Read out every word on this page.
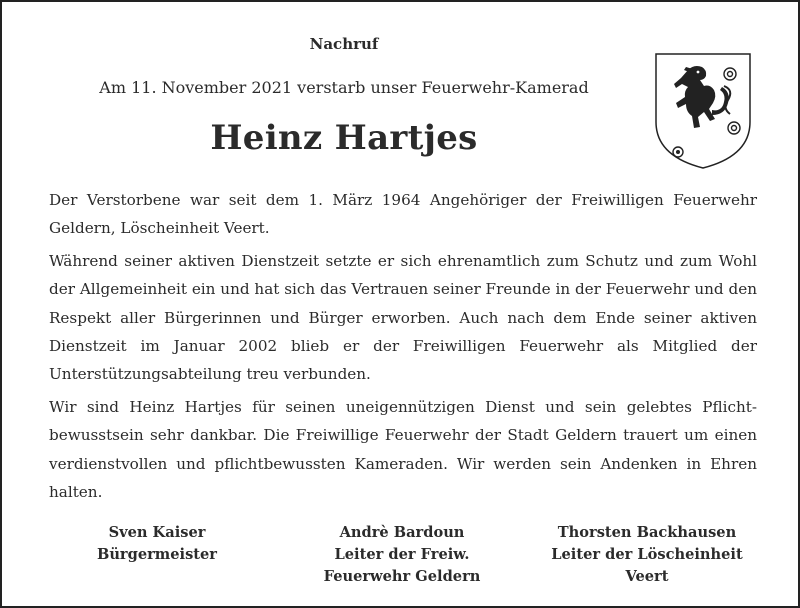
Nachruf
Am 11. November 2021 verstarb unser Feuerwehr-Kamerad
Heinz Hartjes

Der Verstorbene war seit dem 1. März 1964 Angehöriger der Freiwilligen Feuerwehr Geldern, Löscheinheit Veert.

Während seiner aktiven Dienstzeit setzte er sich ehrenamtlich zum Schutz und zum Wohl der Allgemeinheit ein und hat sich das Vertrauen seiner Freunde in der Feuerwehr und den Respekt aller Bürgerinnen und Bürger erworben. Auch nach dem Ende seiner aktiven Dienstzeit im Januar 2002 blieb er der Freiwilligen Feuerwehr als Mitglied der Unterstützungsabteilung treu verbunden.

Wir sind Heinz Hartjes für seinen uneigennützigen Dienst und sein gelebtes Pflichtbewusstsein sehr dankbar. Die Freiwillige Feuerwehr der Stadt Geldern trauert um einen verdienstvollen und pflichtbewussten Kameraden. Wir werden sein Andenken in Ehren halten.

Sven Kaiser
Bürgermeister
Andrè Bardoun
Leiter der Freiw.
Feuerwehr Geldern
Thorsten Backhausen
Leiter der Löscheinheit
Veert
